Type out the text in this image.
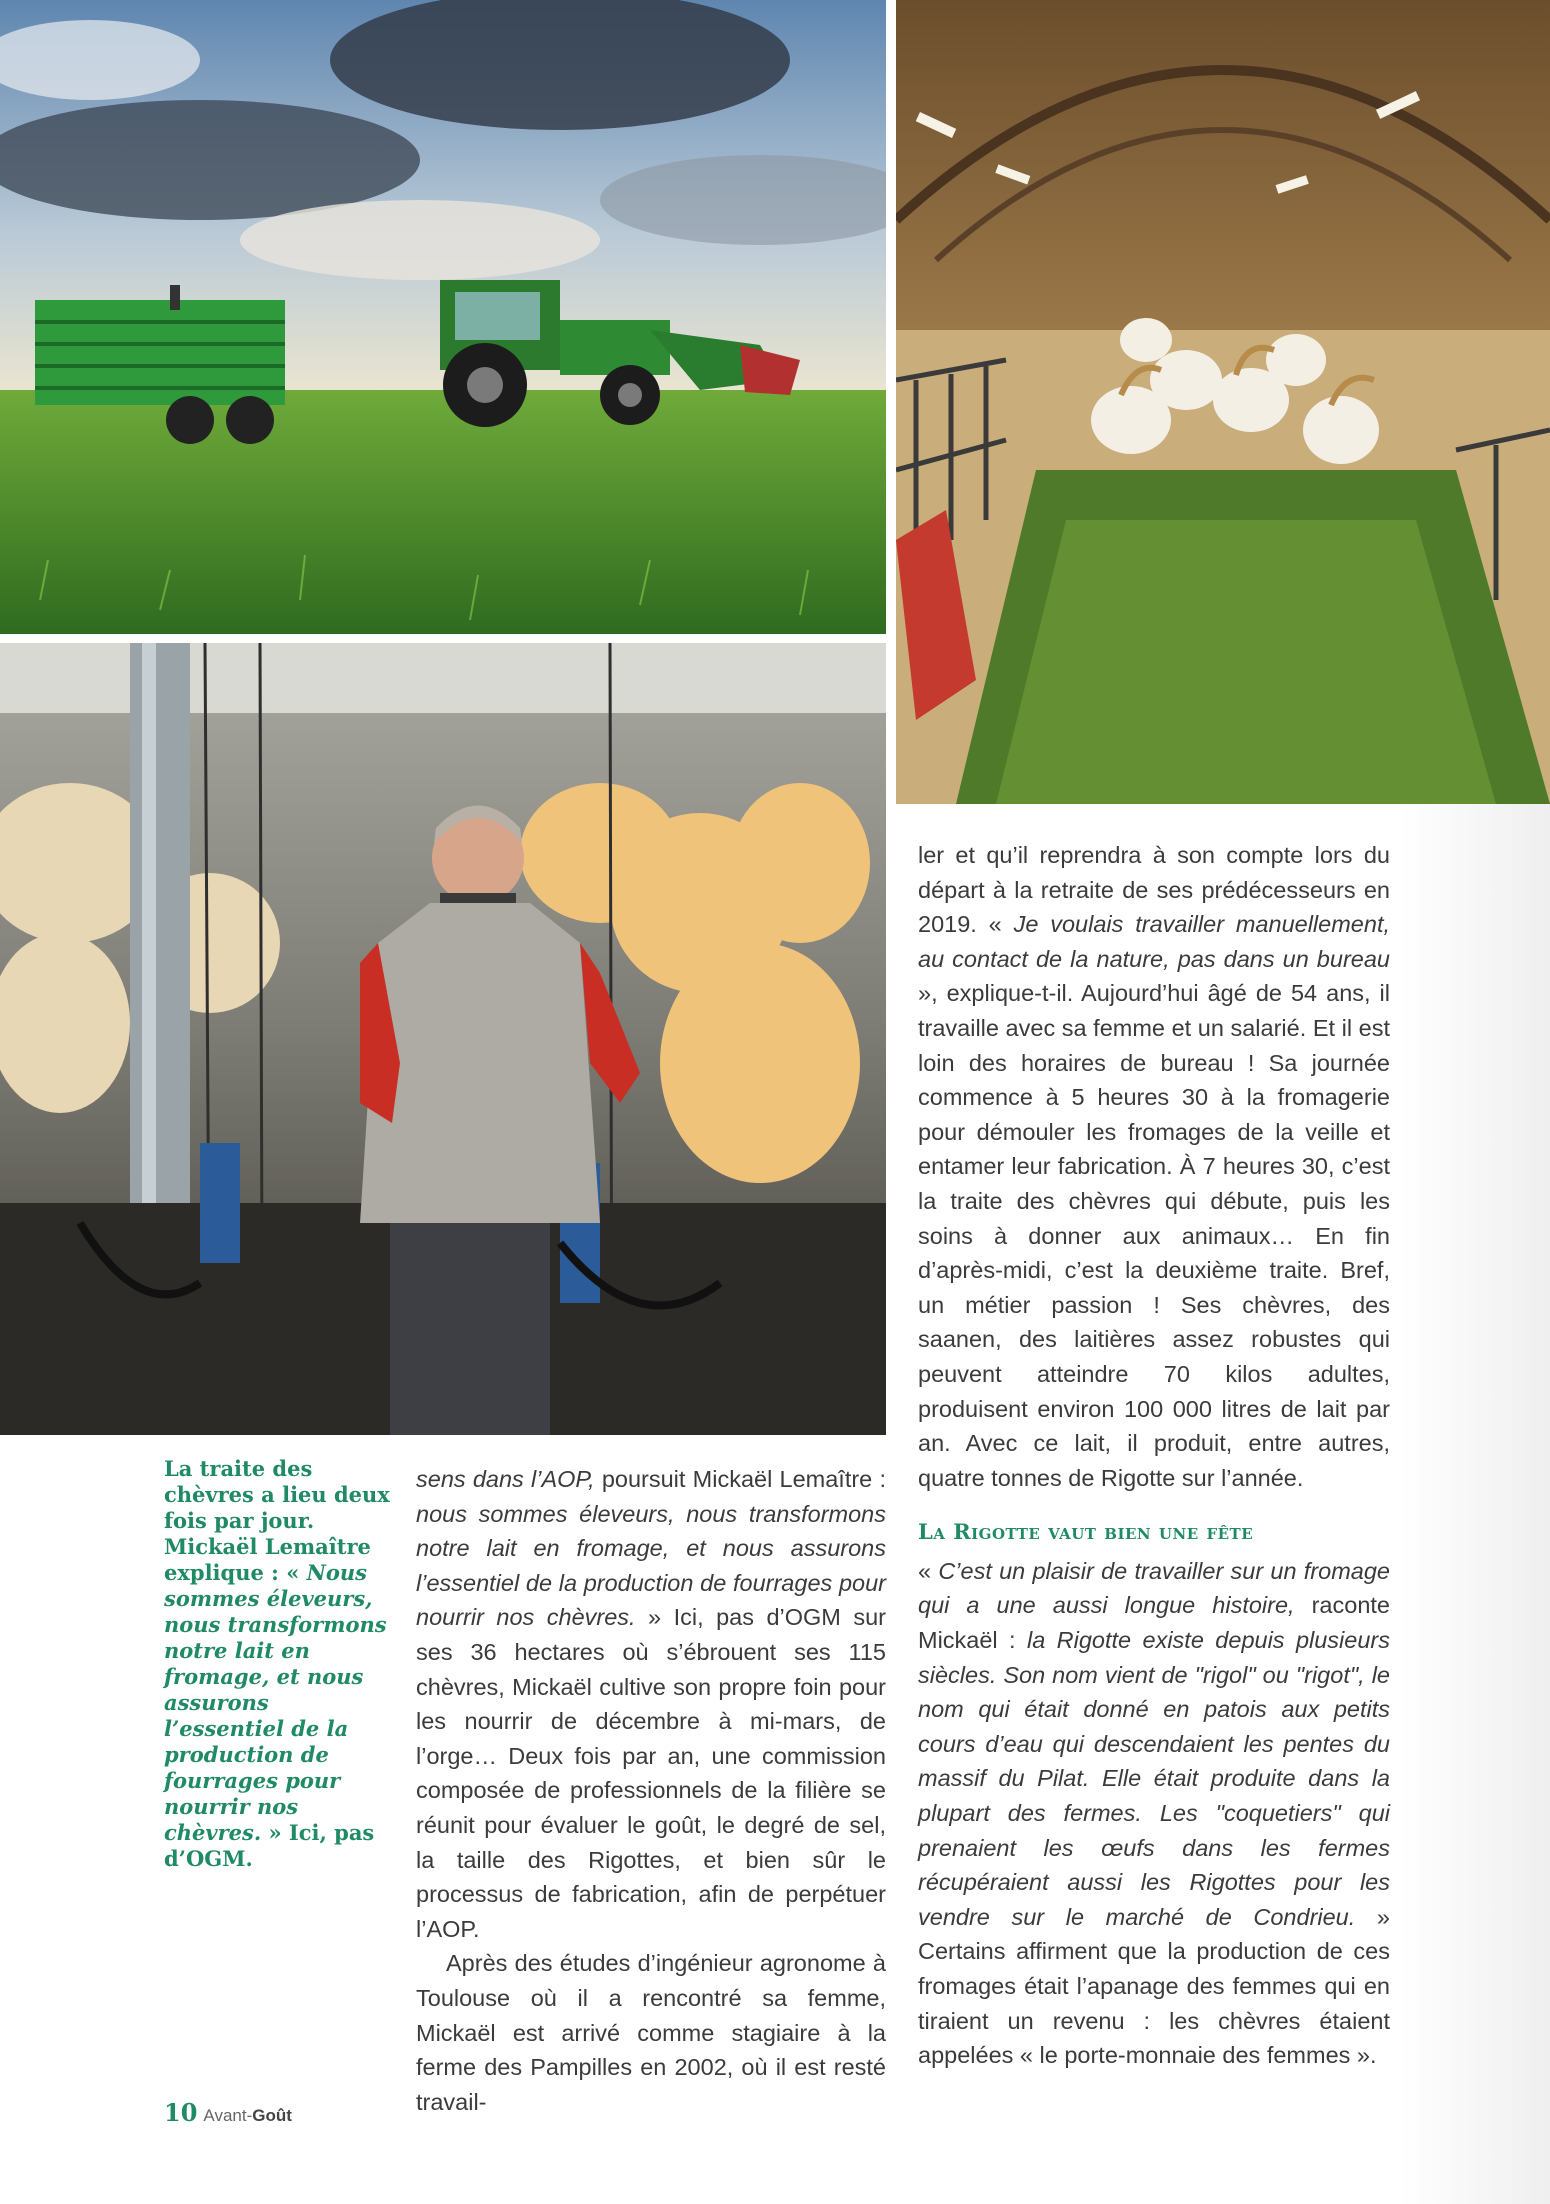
La traite des chèvres a lieu deux fois par jour. Mickaël Lemaître explique : « Nous sommes éleveurs, nous transformons notre lait en fromage, et nous assurons l’essentiel de la production de fourrages pour nourrir nos chèvres. » Ici, pas d’OGM.

sens dans l’AOP, poursuit Mickaël Lemaître : nous sommes éleveurs, nous transformons notre lait en fromage, et nous assurons l’essentiel de la production de fourrages pour nourrir nos chèvres. » Ici, pas d’OGM sur ses 36 hectares où s’ébrouent ses 115 chèvres, Mickaël cultive son propre foin pour les nourrir de décembre à mi-mars, de l’orge… Deux fois par an, une commission composée de professionnels de la filière se réunit pour évaluer le goût, le degré de sel, la taille des Rigottes, et bien sûr le processus de fabrication, afin de perpétuer l’AOP.

Après des études d’ingénieur agronome à Toulouse où il a rencontré sa femme, Mickaël est arrivé comme stagiaire à la ferme des Pampilles en 2002, où il est resté travail-

ler et qu’il reprendra à son compte lors du départ à la retraite de ses prédécesseurs en 2019. « Je voulais travailler manuellement, au contact de la nature, pas dans un bureau », explique-t-il. Aujourd’hui âgé de 54 ans, il travaille avec sa femme et un salarié. Et il est loin des horaires de bureau ! Sa journée commence à 5 heures 30 à la fromagerie pour démouler les fromages de la veille et entamer leur fabrication. À 7 heures 30, c’est la traite des chèvres qui débute, puis les soins à donner aux animaux… En fin d’après-midi, c’est la deuxième traite. Bref, un métier passion ! Ses chèvres, des saanen, des laitières assez robustes qui peuvent atteindre 70 kilos adultes, produisent environ 100 000 litres de lait par an. Avec ce lait, il produit, entre autres, quatre tonnes de Rigotte sur l’année.

La Rigotte vaut bien une fête

« C’est un plaisir de travailler sur un fromage qui a une aussi longue histoire, raconte Mickaël : la Rigotte existe depuis plusieurs siècles. Son nom vient de "rigol" ou "rigot", le nom qui était donné en patois aux petits cours d’eau qui descendaient les pentes du massif du Pilat. Elle était produite dans la plupart des fermes. Les "coquetiers" qui prenaient les œufs dans les fermes récupéraient aussi les Rigottes pour les vendre sur le marché de Condrieu. » Certains affirment que la production de ces fromages était l’apanage des femmes qui en tiraient un revenu : les chèvres étaient appelées « le porte-monnaie des femmes ».

10 Avant-Goût
